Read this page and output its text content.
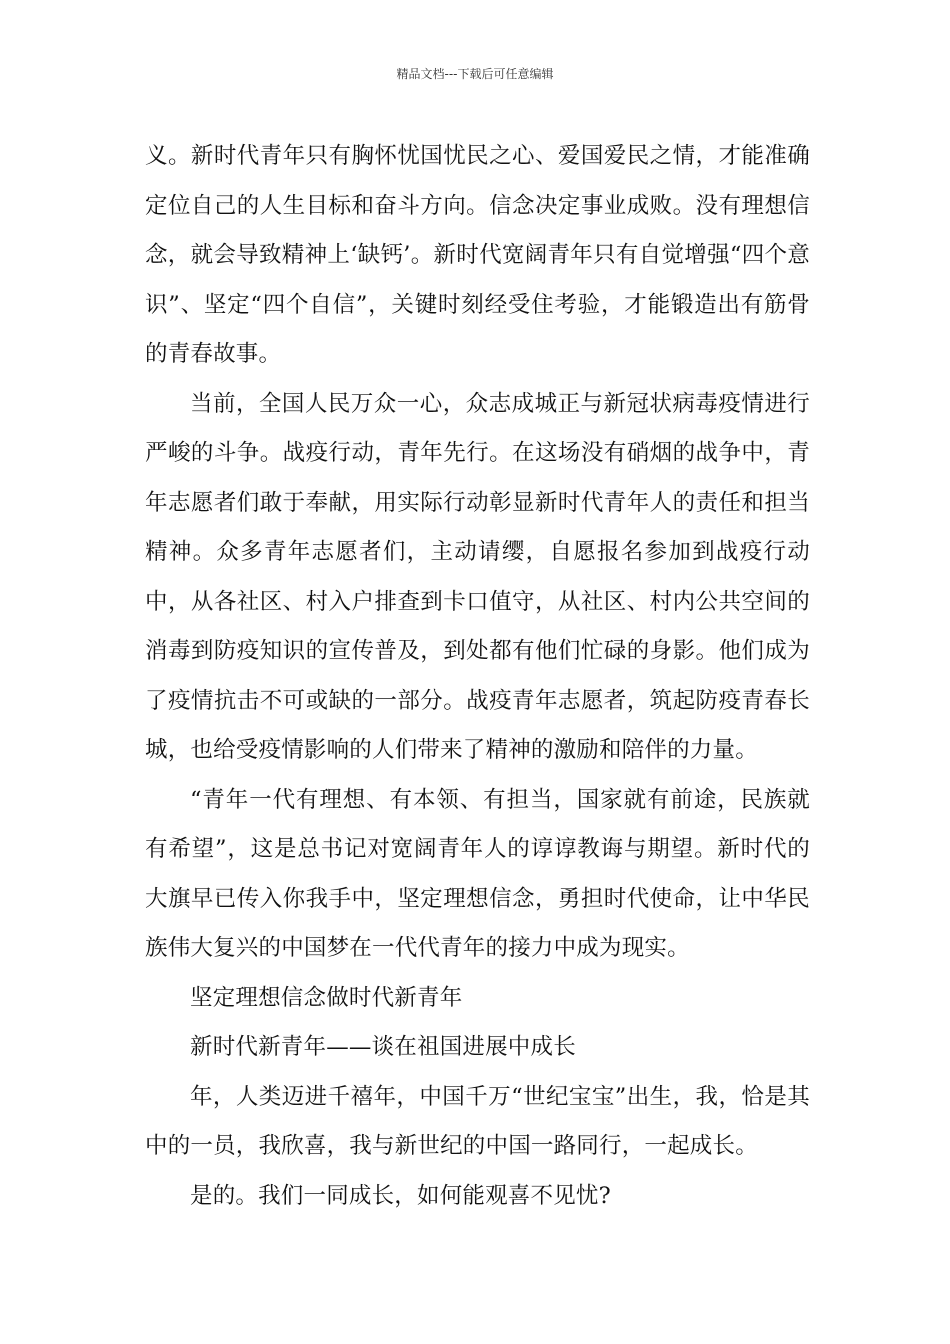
精品文档---下载后可任意编辑

义。新时代青年只有胸怀忧国忧民之心、爱国爱民之情，才能准确定位自己的人生目标和奋斗方向。信念决定事业成败。没有理想信念，就会导致精神上‘缺钙’。新时代宽阔青年只有自觉增强“四个意识”、坚定“四个自信”，关键时刻经受住考验，才能锻造出有筋骨的青春故事。

当前，全国人民万众一心，众志成城正与新冠状病毒疫情进行严峻的斗争。战疫行动，青年先行。在这场没有硝烟的战争中，青年志愿者们敢于奉献，用实际行动彰显新时代青年人的责任和担当精神。众多青年志愿者们，主动请缨，自愿报名参加到战疫行动中，从各社区、村入户排查到卡口值守，从社区、村内公共空间的消毒到防疫知识的宣传普及，到处都有他们忙碌的身影。他们成为了疫情抗击不可或缺的一部分。战疫青年志愿者，筑起防疫青春长城，也给受疫情影响的人们带来了精神的激励和陪伴的力量。

“青年一代有理想、有本领、有担当，国家就有前途，民族就有希望”，这是总书记对宽阔青年人的谆谆教诲与期望。新时代的大旗早已传入你我手中，坚定理想信念，勇担时代使命，让中华民族伟大复兴的中国梦在一代代青年的接力中成为现实。

坚定理想信念做时代新青年

新时代新青年——谈在祖国进展中成长

年，人类迈进千禧年，中国千万“世纪宝宝”出生，我，恰是其中的一员，我欣喜，我与新世纪的中国一路同行，一起成长。

是的。我们一同成长，如何能观喜不见忧?
